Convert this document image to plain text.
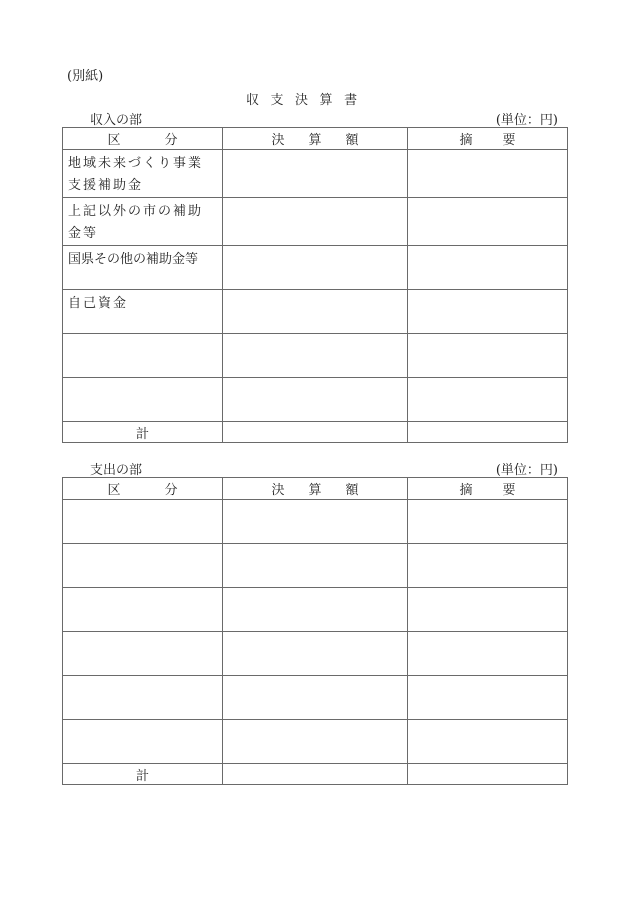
(別紙)
収 支 決 算 書
収入の部	(単位：円)
区 分	決 算 額	摘 要
地域未来づくり事業支援補助金		
上記以外の市の補助金等		
国県その他の補助金等		
自己資金		

計		
支出の部	(単位：円)
区 分	決 算 額	摘 要

計		
